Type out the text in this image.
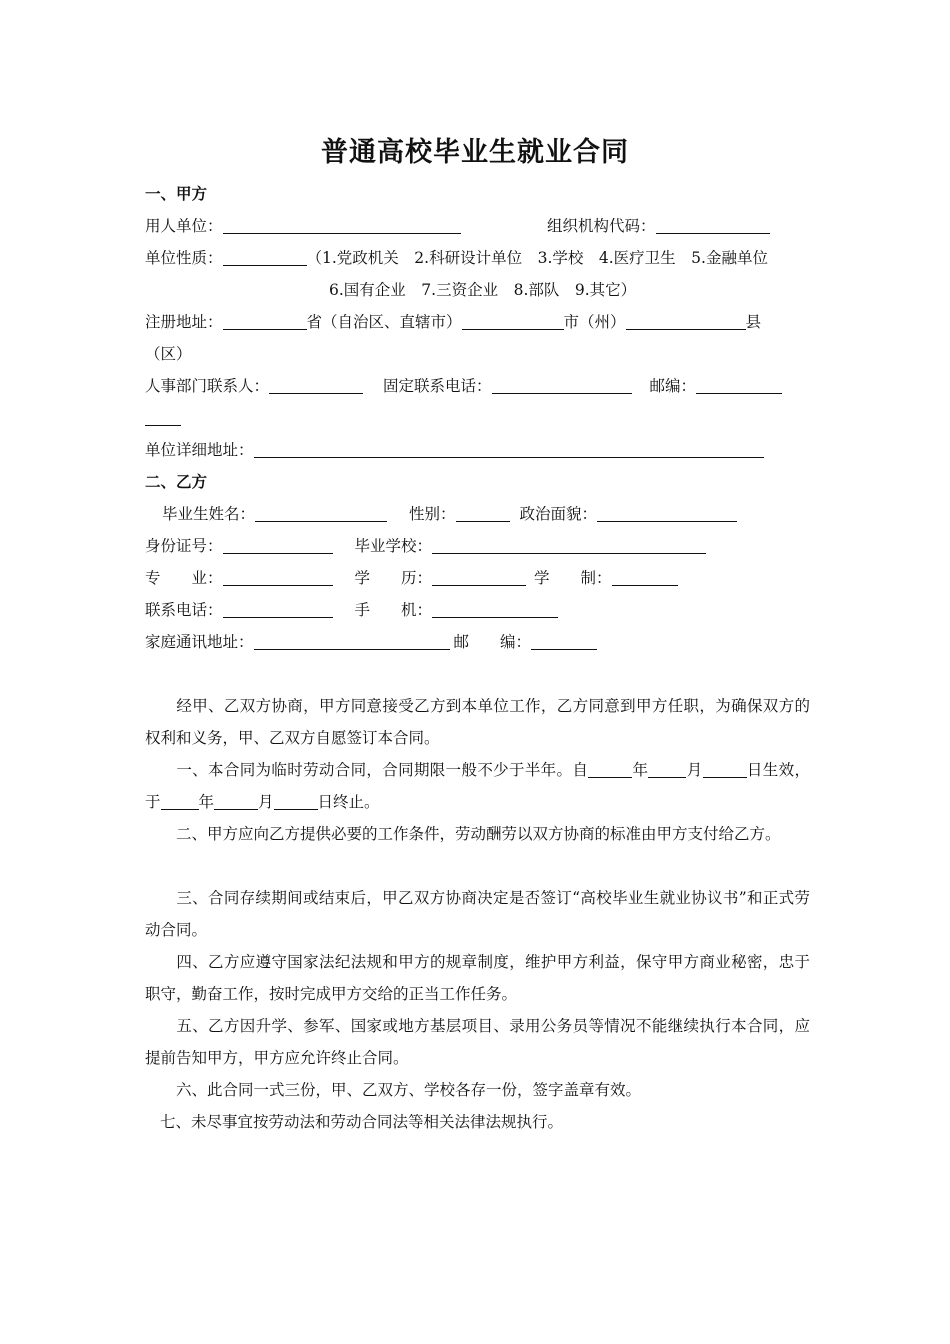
普通高校毕业生就业合同
一、甲方
用人单位：	组织机构代码：
单位性质：	（1.党政机关　2.科研设计单位　3.学校　4.医疗卫生　5.金融单位
6.国有企业　7.三资企业　8.部队　9.其它）
注册地址：	省（自治区、直辖市）	市（州）	县
（区）
人事部门联系人：	固定联系电话：	邮编：
单位详细地址：
二、乙方
毕业生姓名：	性别：	政治面貌：
身份证号：	毕业学校：
专　　业：	学　　历：	学　　制：
联系电话：	手　　机：
家庭通讯地址：	邮　　编：
经甲、乙双方协商，甲方同意接受乙方到本单位工作，乙方同意到甲方任职，为确保双方的权利和义务，甲、乙双方自愿签订本合同。
一、本合同为临时劳动合同，合同期限一般不少于半年。自	年 月	日生效，于 年	月	日终止。
二、甲方应向乙方提供必要的工作条件，劳动酬劳以双方协商的标准由甲方支付给乙方。
三、合同存续期间或结束后，甲乙双方协商决定是否签订“高校毕业生就业协议书”和正式劳动合同。
四、乙方应遵守国家法纪法规和甲方的规章制度，维护甲方利益，保守甲方商业秘密，忠于职守，勤奋工作，按时完成甲方交给的正当工作任务。
五、乙方因升学、参军、国家或地方基层项目、录用公务员等情况不能继续执行本合同，应提前告知甲方，甲方应允许终止合同。
六、此合同一式三份，甲、乙双方、学校各存一份，签字盖章有效。
七、未尽事宜按劳动法和劳动合同法等相关法律法规执行。
